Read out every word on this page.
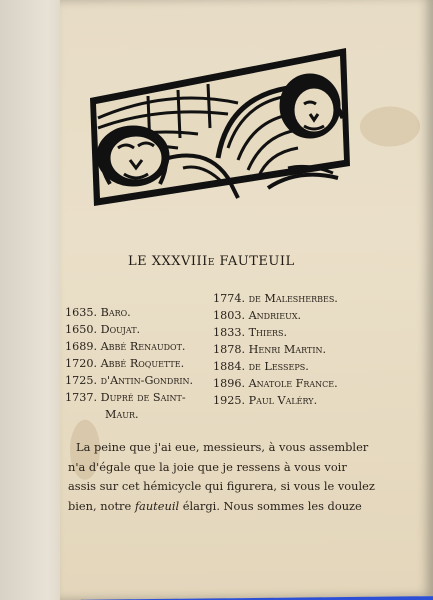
LE XXXVIIIe FAUTEUIL
1635. Baro.
1650. Doujat.
1689. Abbé Renaudot.
1720. Abbé Roquette.
1725. d'Antin-Gondrin.
1737. Dupré de Saint-
Maur.
1774. de Malesherbes.
1803. Andrieux.
1833. Thiers.
1878. Henri Martin.
1884. de Lesseps.
1896. Anatole France.
1925. Paul Valéry.
La peine que j'ai eue, messieurs, à vous assembler
n'a d'égale que la joie que je ressens à vous voir
assis sur cet hémicycle qui figurera, si vous le voulez
bien, notre fauteuil élargi. Nous sommes les douze
